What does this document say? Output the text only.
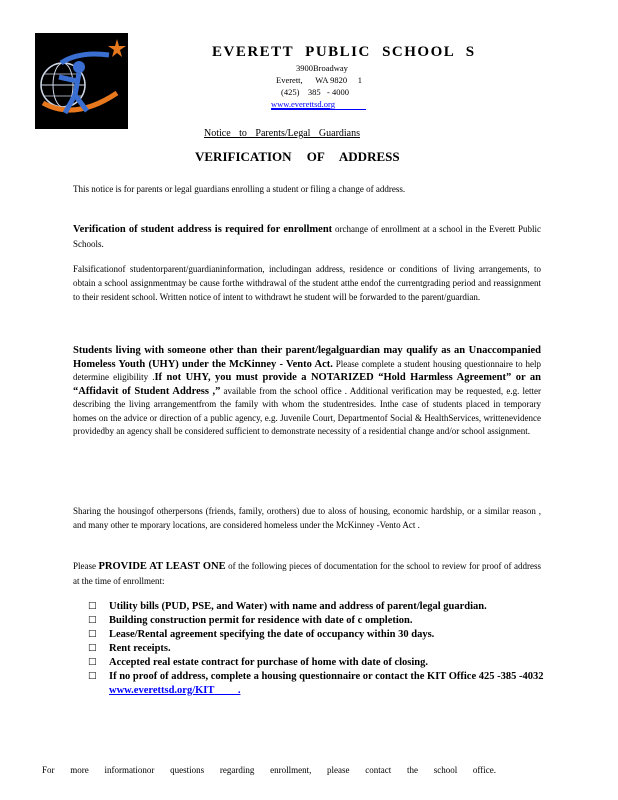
EVERETT PUBLIC SCHOOL S
3900Broadway
Everett,      WA 9820     1
(425)    385   - 4000
www.everettsd.org
Notice to Parents/Legal Guardians
VERIFICATION OF ADDRESS
This notice is for parents or legal guardians enrolling a student or filing a change of address.
Verification of student address is required for enrollment orchange of enrollment at a school in the Everett Public Schools.
Falsificationof studentorparent/guardianinformation, includingan address, residence or conditions of living arrangements, to obtain a school assignmentmay be cause forthe withdrawal of the student atthe endof the currentgrading period and reassignment to their resident school. Written notice of intent to withdrawt he student will be forwarded to the parent/guardian.
Students living with someone other than their parent/legalguardian may qualify as an Unaccompanied Homeless Youth (UHY) under the McKinney - Vento Act. Please complete a student housing questionnaire to help determine eligibility .If not UHY, you must provide a NOTARIZED “Hold Harmless Agreement” or an “Affidavit of Student Address ,” available from the school office . Additional verification may be requested, e.g. letter describing the living arrangementfrom the family with whom the studentresides. Inthe case of students placed in temporary homes on the advice or direction of a public agency, e.g. Juvenile Court, Departmentof Social & HealthServices, writtenevidence providedby an agency shall be considered sufficient to demonstrate necessity of a residential change and/or school assignment.
Sharing the housingof otherpersons (friends, family, orothers) due to aloss of housing, economic hardship, or a similar reason , and many other te mporary locations, are considered homeless under the McKinney -Vento Act .
Please PROVIDE AT LEAST ONE of the following pieces of documentation for the school to review for proof of address at the time of enrollment:
□ Utility bills (PUD, PSE, and Water) with name and address of parent/legal guardian.
□ Building construction permit for residence with date of c ompletion.
□ Lease/Rental agreement specifying the date of occupancy within 30 days.
□ Rent receipts.
□ Accepted real estate contract for purchase of home with date of closing.
□ If no proof of address, complete a housing questionnaire or contact the KIT Office 425 -385 -4032 www.everettsd.org/KIT         .
For more informationor questions regarding enrollment, please contact the school office.
